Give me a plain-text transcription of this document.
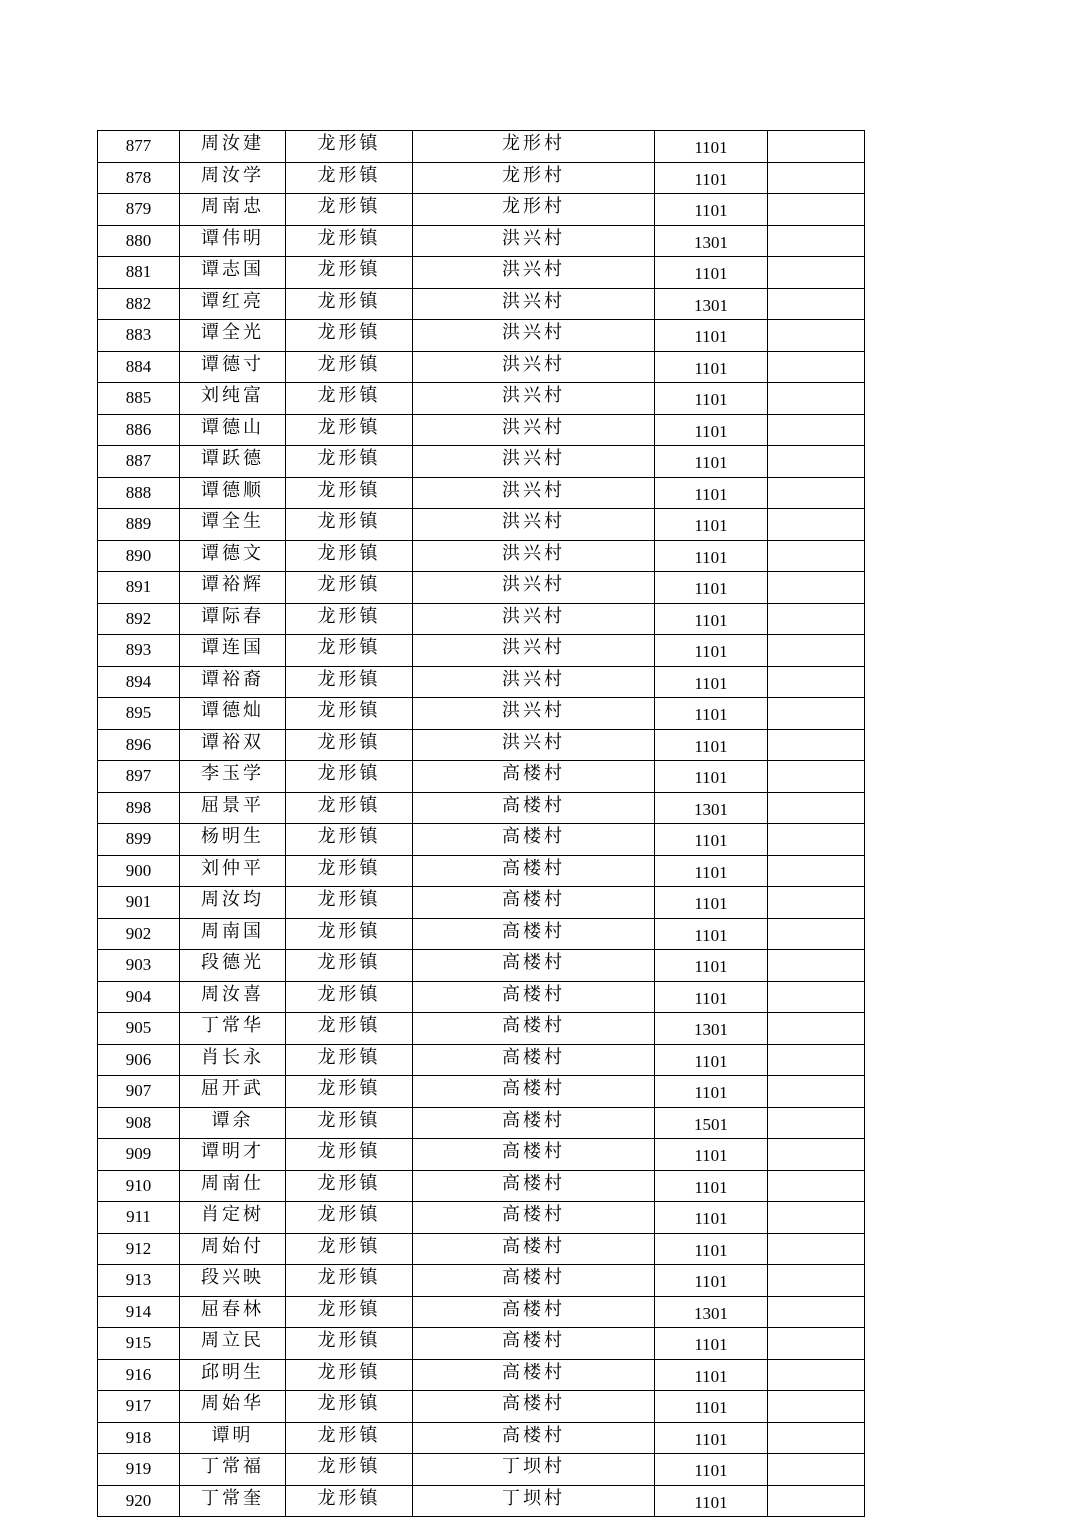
877	周汝建	龙形镇	龙形村	1101	
878	周汝学	龙形镇	龙形村	1101	
879	周南忠	龙形镇	龙形村	1101	
880	谭伟明	龙形镇	洪兴村	1301	
881	谭志国	龙形镇	洪兴村	1101	
882	谭红亮	龙形镇	洪兴村	1301	
883	谭全光	龙形镇	洪兴村	1101	
884	谭德寸	龙形镇	洪兴村	1101	
885	刘纯富	龙形镇	洪兴村	1101	
886	谭德山	龙形镇	洪兴村	1101	
887	谭跃德	龙形镇	洪兴村	1101	
888	谭德顺	龙形镇	洪兴村	1101	
889	谭全生	龙形镇	洪兴村	1101	
890	谭德文	龙形镇	洪兴村	1101	
891	谭裕辉	龙形镇	洪兴村	1101	
892	谭际春	龙形镇	洪兴村	1101	
893	谭连国	龙形镇	洪兴村	1101	
894	谭裕裔	龙形镇	洪兴村	1101	
895	谭德灿	龙形镇	洪兴村	1101	
896	谭裕双	龙形镇	洪兴村	1101	
897	李玉学	龙形镇	高楼村	1101	
898	屈景平	龙形镇	高楼村	1301	
899	杨明生	龙形镇	高楼村	1101	
900	刘仲平	龙形镇	高楼村	1101	
901	周汝均	龙形镇	高楼村	1101	
902	周南国	龙形镇	高楼村	1101	
903	段德光	龙形镇	高楼村	1101	
904	周汝喜	龙形镇	高楼村	1101	
905	丁常华	龙形镇	高楼村	1301	
906	肖长永	龙形镇	高楼村	1101	
907	屈开武	龙形镇	高楼村	1101	
908	谭余	龙形镇	高楼村	1501	
909	谭明才	龙形镇	高楼村	1101	
910	周南仕	龙形镇	高楼村	1101	
911	肖定树	龙形镇	高楼村	1101	
912	周始付	龙形镇	高楼村	1101	
913	段兴映	龙形镇	高楼村	1101	
914	屈春林	龙形镇	高楼村	1301	
915	周立民	龙形镇	高楼村	1101	
916	邱明生	龙形镇	高楼村	1101	
917	周始华	龙形镇	高楼村	1101	
918	谭明	龙形镇	高楼村	1101	
919	丁常福	龙形镇	丁坝村	1101	
920	丁常奎	龙形镇	丁坝村	1101	
